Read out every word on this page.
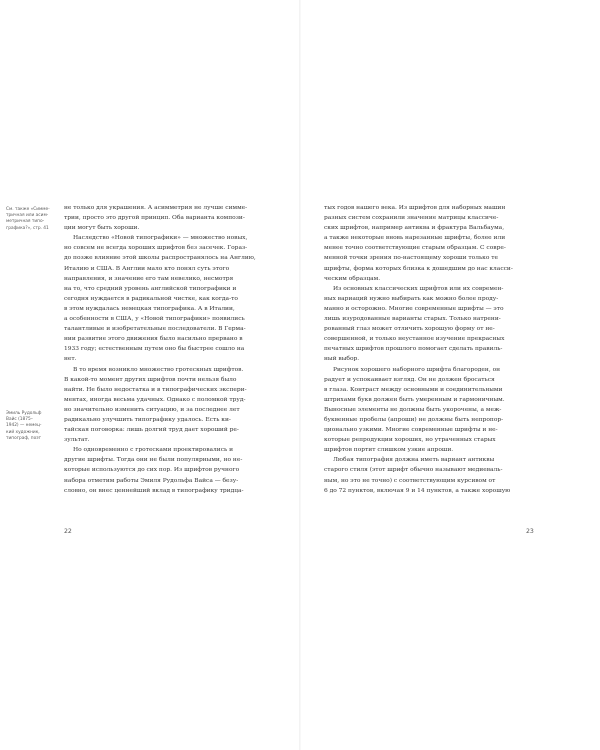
См. также «Симме-
тричная или асим-
метричная типо-
графика?», стр. 41
Эмиль Рудольф
Вайс (1875–
1942) — немец-
кий художник,
типограф, поэт
не только для украшения. А асимметрия не лучше симме-
трии, просто это другой принцип. Оба варианта компози-
ции могут быть хороши.
Наследство «Новой типографики» — множество новых,
но совсем не всегда хороших шрифтов без засечек. Гораз-
до позже влияние этой школы распространялось на Англию,
Италию и США. В Англии мало кто понял суть этого
направления, и значение его там невелико, несмотря
на то, что средний уровень английской типографики и
сегодня нуждается в радикальной чистке, как когда-то
в этом нуждалась немецкая типографика. А в Италии,
а особенности в США, у «Новой типографики» появились
талантливые и изобретательные последователи. В Герма-
нии развитие этого движения было насильно прервано в
1933 году; естественным путем оно бы быстрее сошло на
нет.
В то время возникло множество гротескных шрифтов.
В какой-то момент других шрифтов почти нельзя было
найти. Не было недостатка и в типографических экспери-
ментах, иногда весьма удачных. Однако с поломкой труд-
но значительно изменить ситуацию, и за последнее лет
радикально улучшить типографику удалось. Есть ки-
тайская поговорка: лишь долгий труд дает хороший ре-
зультат.
Но одновременно с гротесками проектировались и
другие шрифты. Тогда они не были популярными, но не-
которые используются до сих пор. Из шрифтов ручного
набора отметим работы Эмиля Рудольфа Вайса — безу-
словно, он внес ценнейший вклад в типографику тридца-
тых годов нашего века. Из шрифтов для наборных машин
разных систем сохранили значение матрицы классиче-
ских шрифтов, например антиква и фрактура Вальбаума,
а также некоторые вновь нарезанные шрифты, более или
менее точно соответствующие старым образцам. С совре-
менной точки зрения по-настоящему хороши только те
шрифты, форма которых близка к дошедшим до нас класси-
ческим образцам.
Из основных классических шрифтов или их современ-
ных вариаций нужно выбирать как можно более проду-
манно и осторожно. Многие современные шрифты — это
лишь изуродованные варианты старых. Только натрени-
рованный глаз может отличить хорошую форму от не-
совершенной, и только неустанное изучение прекрасных
печатных шрифтов прошлого помогает сделать правиль-
ный выбор.
Рисунок хорошего наборного шрифта благороден, он
радует и успокаивает взгляд. Он не должен бросаться
в глаза. Контраст между основными и соединительными
штрихами букв должен быть умеренным и гармоничным.
Выносные элементы не должны быть укорочены, а меж-
буквенные пробелы (апроши) не должны быть непропор-
ционально узкими. Многие современные шрифты и не-
которые репродукции хороших, но утраченных старых
шрифтов портит слишком узкие апроши.
Любая типография должна иметь вариант антиквы
старого стиля (этот шрифт обычно называют медиеваль-
ным, но это не точно) с соответствующим курсивом от
6 до 72 пунктов, включая 9 и 14 пунктов, а также хорошую
22	23
